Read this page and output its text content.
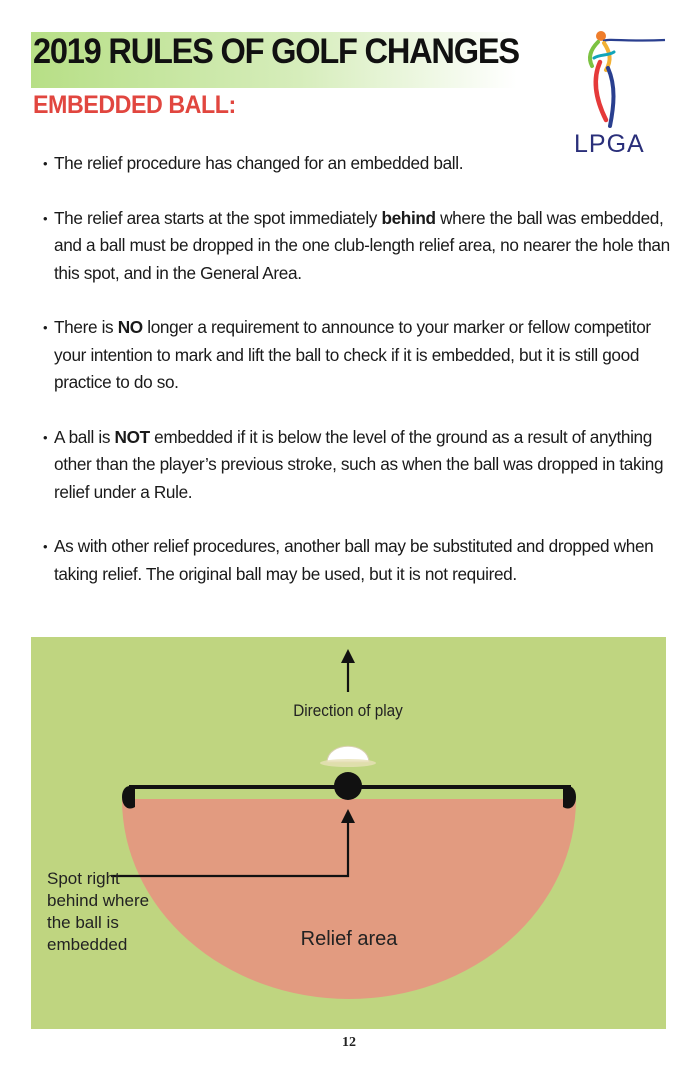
2019 RULES OF GOLF CHANGES
EMBEDDED BALL:
LPGA
• The relief procedure has changed for an embedded ball.
• The relief area starts at the spot immediately behind where the ball was embedded, and a ball must be dropped in the one club-length relief area, no nearer the hole than this spot, and in the General Area.
• There is NO longer a requirement to announce to your marker or fellow competitor your intention to mark and lift the ball to check if it is embedded, but it is still good practice to do so.
• A ball is NOT embedded if it is below the level of the ground as a result of anything other than the player’s previous stroke, such as when the ball was dropped in taking relief under a Rule.
• As with other relief procedures, another ball may be substituted and dropped when taking relief. The original ball may be used, but it is not required.
Direction of play
Spot right
behind where
the ball is
embedded	Relief area
12
